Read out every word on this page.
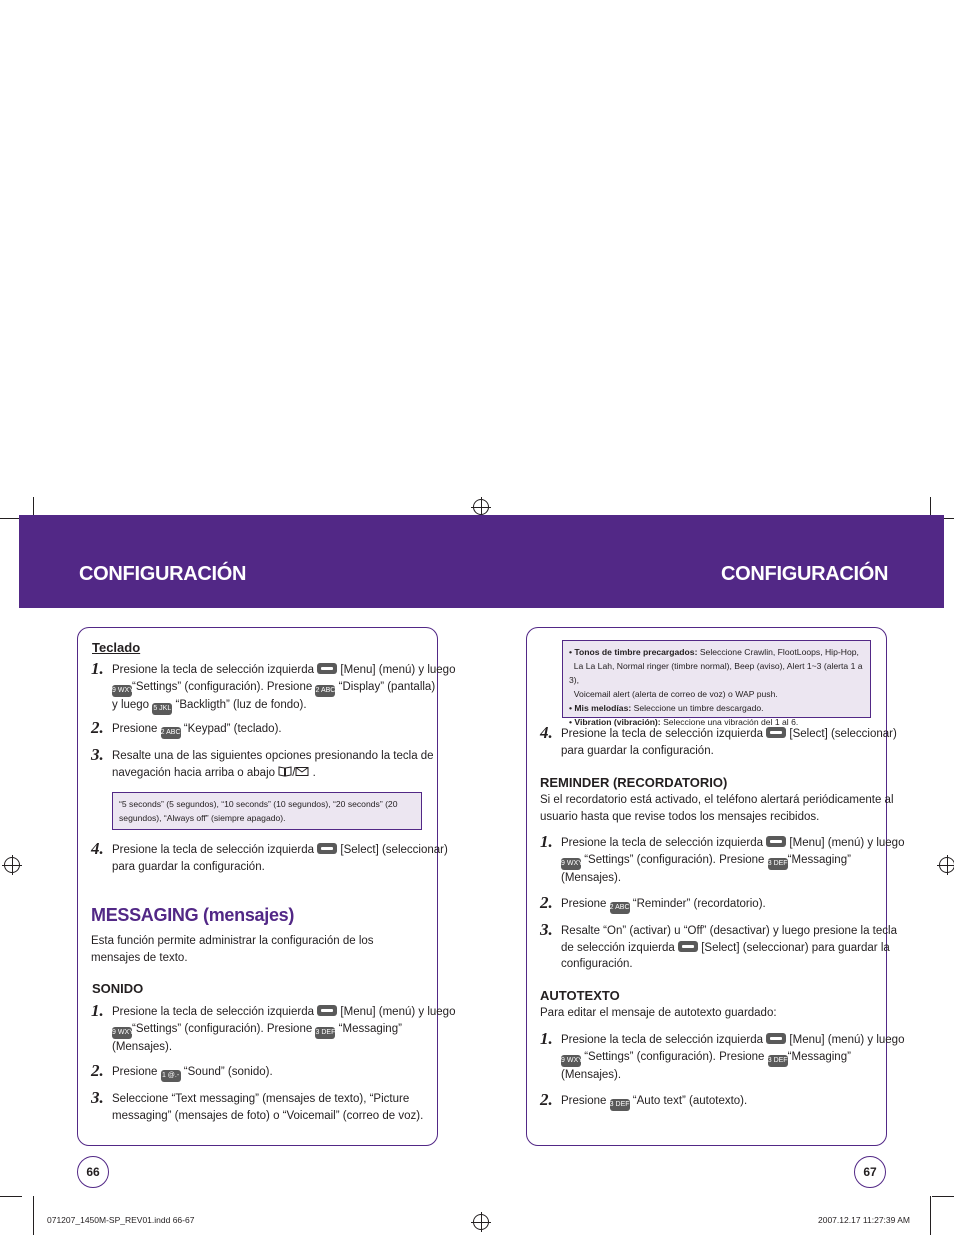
CONFIGURACIÓN	CONFIGURACIÓN
Teclado
1. Presione la tecla de selección izquierda [Menu] (menú) y luego
9 WXYZ“Settings” (configuración). Presione 2 ABC “Display” (pantalla)
y luego 5 JKL “Backligth” (luz de fondo).
2. Presione 2 ABC “Keypad” (teclado).
3. Resalte una de las siguientes opciones presionando la tecla de
navegación hacia arriba o abajo / .
“5 seconds” (5 segundos), “10 seconds” (10 segundos), “20 seconds” (20 segundos), “Always off” (siempre apagado).
4. Presione la tecla de selección izquierda [Select] (seleccionar)
para guardar la configuración.
MESSAGING (mensajes)
Esta función permite administrar la configuración de los mensajes de texto.
SONIDO
1. Presione la tecla de selección izquierda [Menu] (menú) y luego
9 WXYZ“Settings” (configuración). Presione 3 DEF “Messaging”
(Mensajes).
2. Presione 1 @.- “Sound” (sonido).
3. Seleccione “Text messaging” (mensajes de texto), “Picture
messaging” (mensajes de foto) o “Voicemail” (correo de voz).
• Tonos de timbre precargados: Seleccione Crawlin, FlootLoops, Hip-Hop,
La La Lah, Normal ringer (timbre normal), Beep (aviso), Alert 1~3 (alerta 1 a 3),
Voicemail alert (alerta de correo de voz) o WAP push.
• Mis melodías: Seleccione un timbre descargado.
• Vibration (vibración): Seleccione una vibración del 1 al 6.
4. Presione la tecla de selección izquierda [Select] (seleccionar)
para guardar la configuración.
REMINDER (RECORDATORIO)
Si el recordatorio está activado, el teléfono alertará periódicamente al
usuario hasta que revise todos los mensajes recibidos.
1. Presione la tecla de selección izquierda [Menu] (menú) y luego
9 WXYZ “Settings” (configuración). Presione 3 DEF“Messaging”
(Mensajes).
2. Presione 2 ABC “Reminder” (recordatorio).
3. Resalte “On” (activar) u “Off” (desactivar) y luego presione la tecla
de selección izquierda [Select] (seleccionar) para guardar la
configuración.
AUTOTEXTO
Para editar el mensaje de autotexto guardado:
1. Presione la tecla de selección izquierda [Menu] (menú) y luego
9 WXYZ “Settings” (configuración). Presione 3 DEF“Messaging”
(Mensajes).
2. Presione 3 DEF “Auto text” (autotexto).
66	67
071207_1450M-SP_REV01.indd 66-67	2007.12.17 11:27:39 AM
